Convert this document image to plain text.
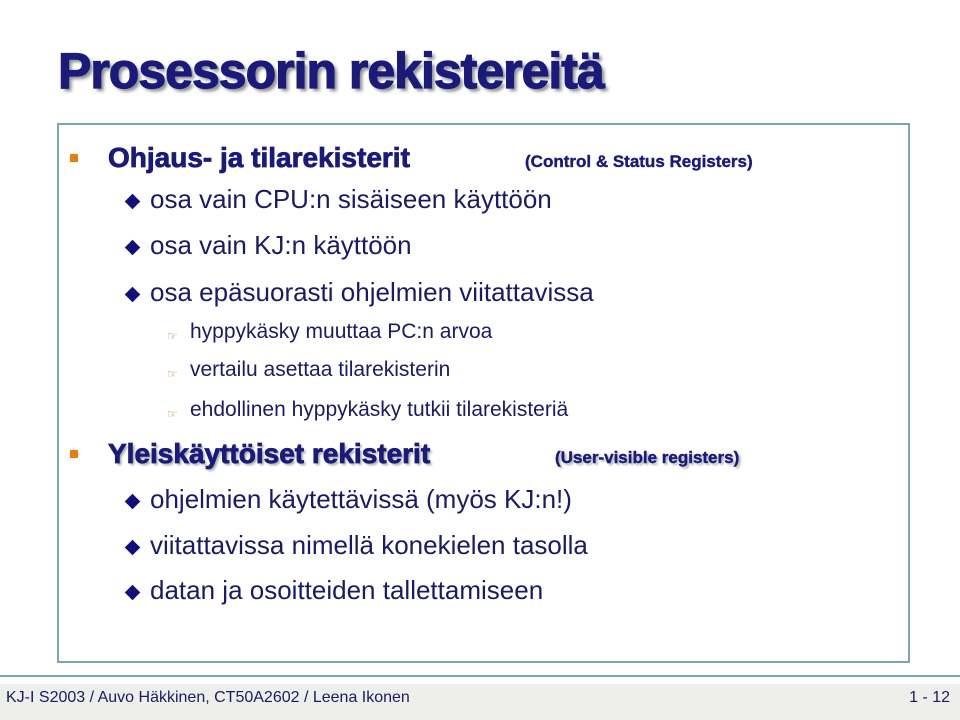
Prosessorin rekistereitä
Ohjaus- ja tilarekisterit	(Control & Status Registers)
osa vain CPU:n sisäiseen käyttöön
osa vain KJ:n käyttöön
osa epäsuorasti ohjelmien viitattavissa
☞ hyppykäsky muuttaa PC:n arvoa
☞ vertailu asettaa tilarekisterin
☞ ehdollinen hyppykäsky tutkii tilarekisteriä
Yleiskäyttöiset rekisterit	(User-visible registers)
ohjelmien käytettävissä (myös KJ:n!)
viitattavissa nimellä konekielen tasolla
datan ja osoitteiden tallettamiseen
KJ-I S2003 / Auvo Häkkinen, CT50A2602 / Leena Ikonen	1 - 12
